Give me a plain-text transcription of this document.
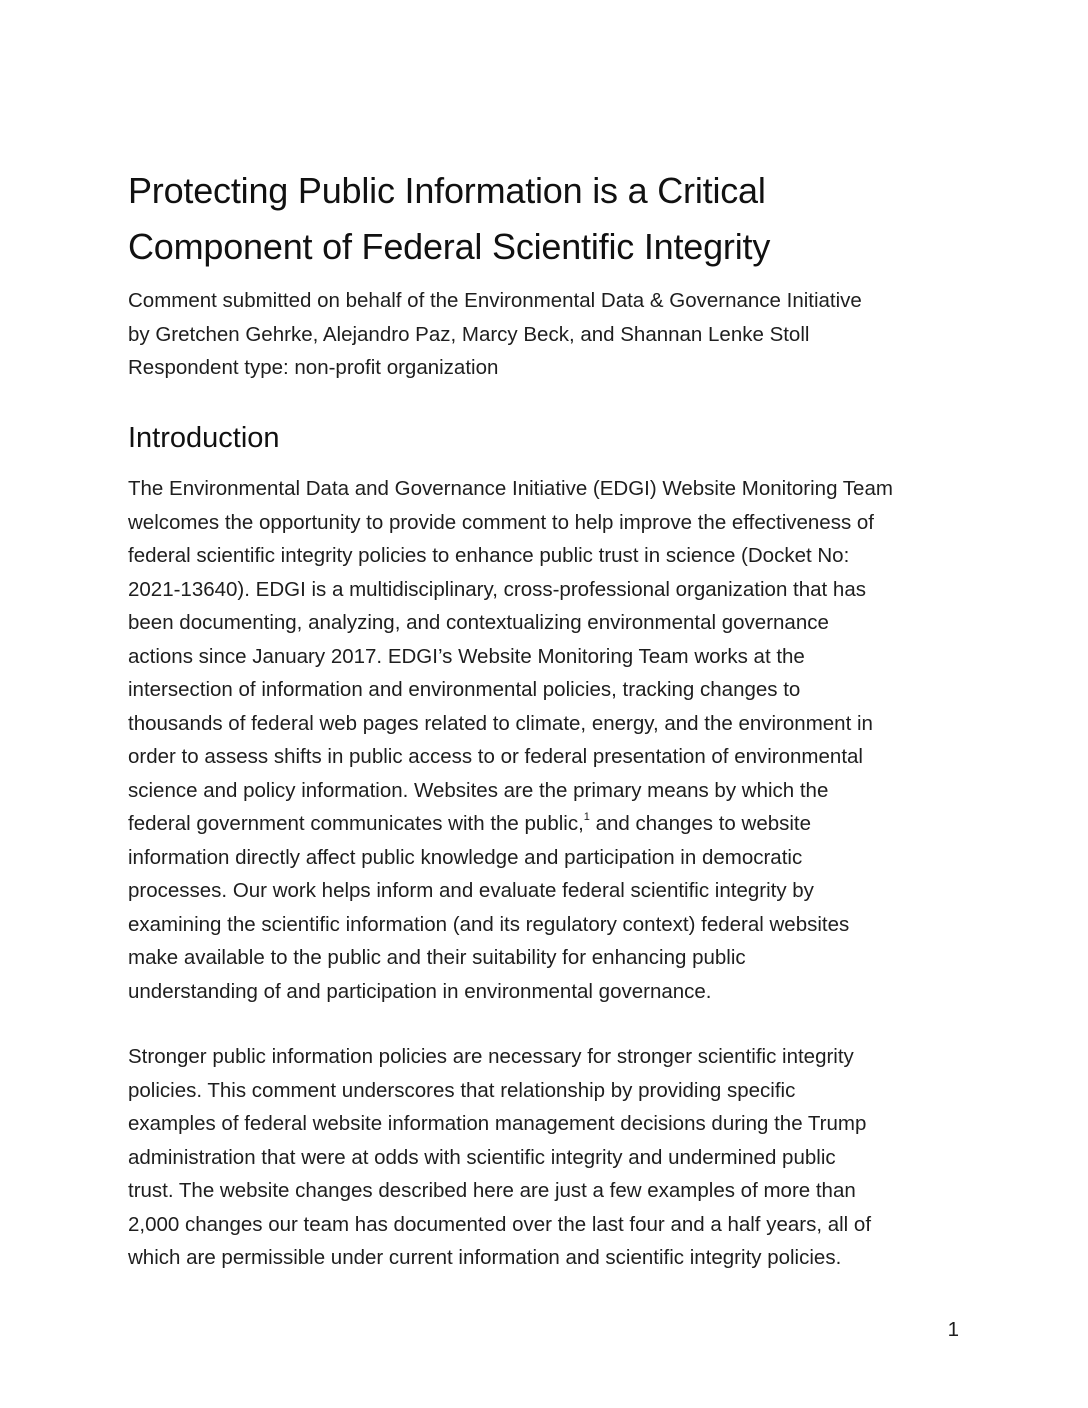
Protecting Public Information is a Critical
Component of Federal Scientific Integrity
Comment submitted on behalf of the Environmental Data & Governance Initiative
by Gretchen Gehrke, Alejandro Paz, Marcy Beck, and Shannan Lenke Stoll
Respondent type: non-profit organization
Introduction
The Environmental Data and Governance Initiative (EDGI) Website Monitoring Team
welcomes the opportunity to provide comment to help improve the effectiveness of
federal scientific integrity policies to enhance public trust in science (Docket No:
2021-13640). EDGI is a multidisciplinary, cross-professional organization that has
been documenting, analyzing, and contextualizing environmental governance
actions since January 2017. EDGI’s Website Monitoring Team works at the
intersection of information and environmental policies, tracking changes to
thousands of federal web pages related to climate, energy, and the environment in
order to assess shifts in public access to or federal presentation of environmental
science and policy information. Websites are the primary means by which the
federal government communicates with the public,$^1$ and changes to website
information directly affect public knowledge and participation in democratic
processes. Our work helps inform and evaluate federal scientific integrity by
examining the scientific information (and its regulatory context) federal websites
make available to the public and their suitability for enhancing public
understanding of and participation in environmental governance.
Stronger public information policies are necessary for stronger scientific integrity
policies. This comment underscores that relationship by providing specific
examples of federal website information management decisions during the Trump
administration that were at odds with scientific integrity and undermined public
trust. The website changes described here are just a few examples of more than
2,000 changes our team has documented over the last four and a half years, all of
which are permissible under current information and scientific integrity policies.
1
